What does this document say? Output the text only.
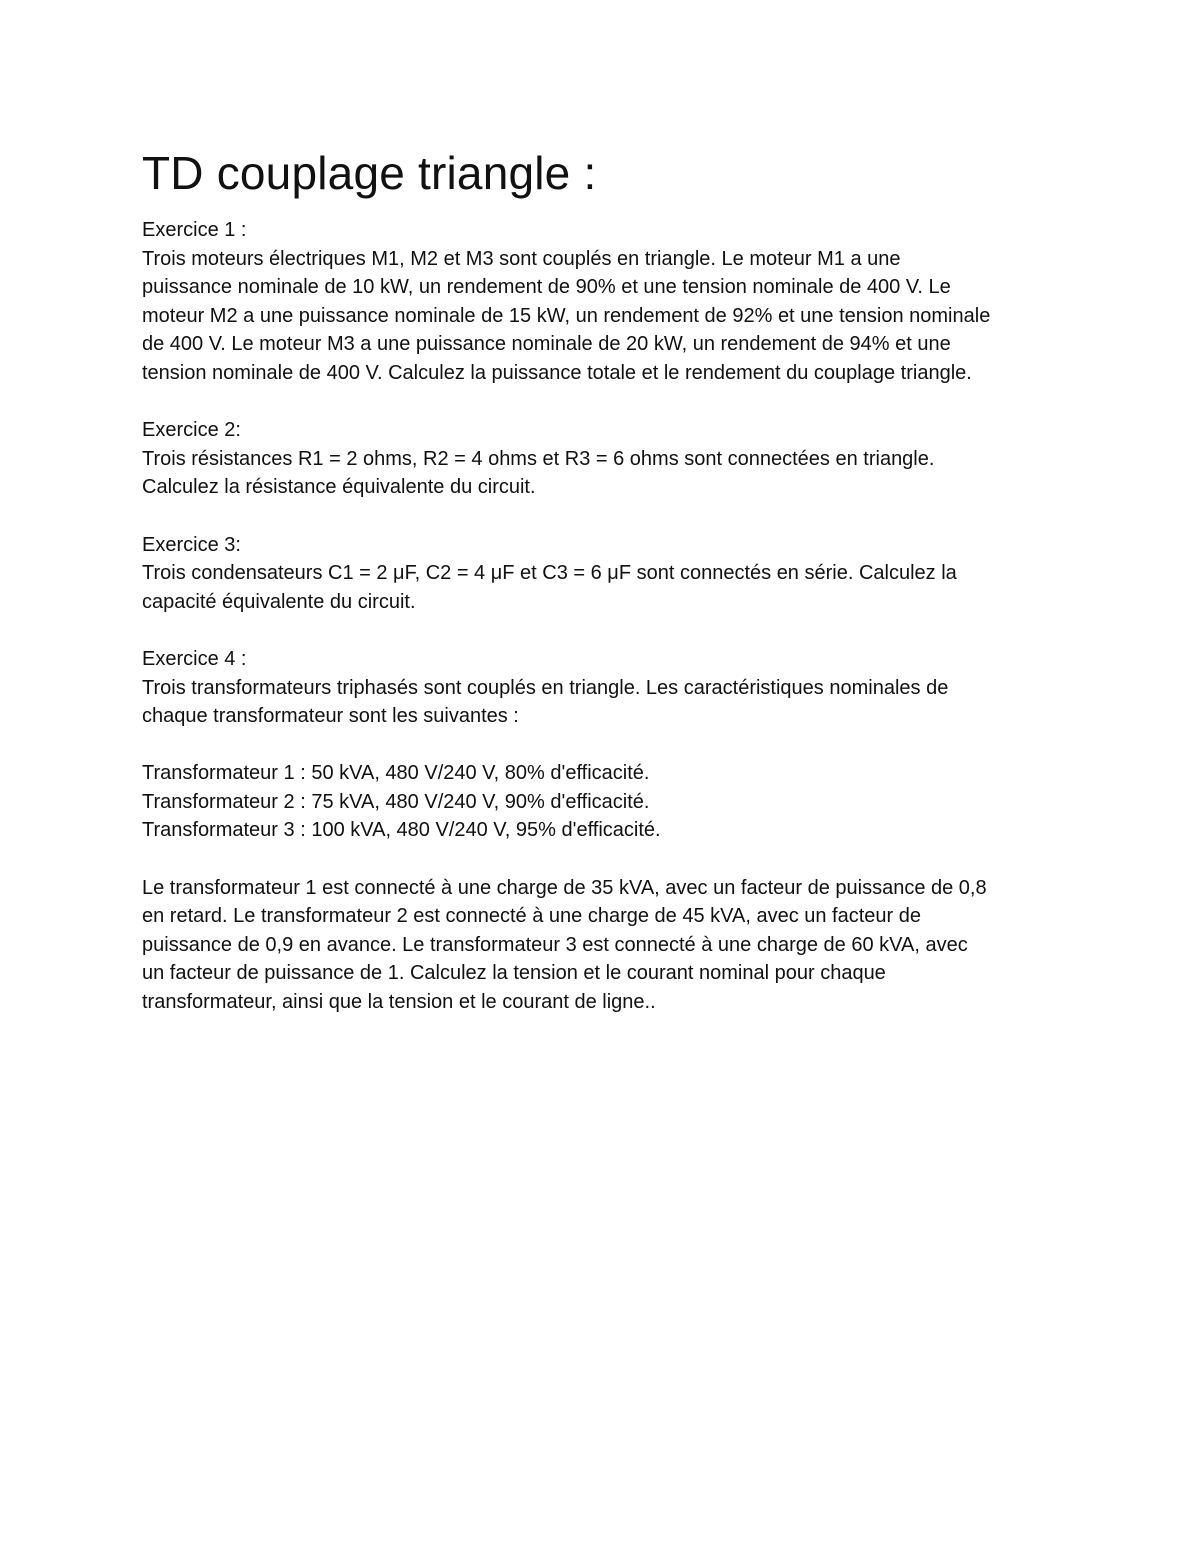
TD couplage triangle :

Exercice 1 :

Trois moteurs électriques M1, M2 et M3 sont couplés en triangle. Le moteur M1 a une

puissance nominale de 10 kW, un rendement de 90% et une tension nominale de 400 V. Le

moteur M2 a une puissance nominale de 15 kW, un rendement de 92% et une tension nominale

de 400 V. Le moteur M3 a une puissance nominale de 20 kW, un rendement de 94% et une

tension nominale de 400 V. Calculez la puissance totale et le rendement du couplage triangle.

Exercice 2:

Trois résistances R1 = 2 ohms, R2 = 4 ohms et R3 = 6 ohms sont connectées en triangle.

Calculez la résistance équivalente du circuit.

Exercice 3:

Trois condensateurs C1 = 2 μF, C2 = 4 μF et C3 = 6 μF sont connectés en série. Calculez la

capacité équivalente du circuit.

Exercice 4 :

Trois transformateurs triphasés sont couplés en triangle. Les caractéristiques nominales de

chaque transformateur sont les suivantes :

Transformateur 1 : 50 kVA, 480 V/240 V, 80% d'efficacité.

Transformateur 2 : 75 kVA, 480 V/240 V, 90% d'efficacité.

Transformateur 3 : 100 kVA, 480 V/240 V, 95% d'efficacité.

Le transformateur 1 est connecté à une charge de 35 kVA, avec un facteur de puissance de 0,8

en retard. Le transformateur 2 est connecté à une charge de 45 kVA, avec un facteur de

puissance de 0,9 en avance. Le transformateur 3 est connecté à une charge de 60 kVA, avec

un facteur de puissance de 1. Calculez la tension et le courant nominal pour chaque

transformateur, ainsi que la tension et le courant de ligne..
